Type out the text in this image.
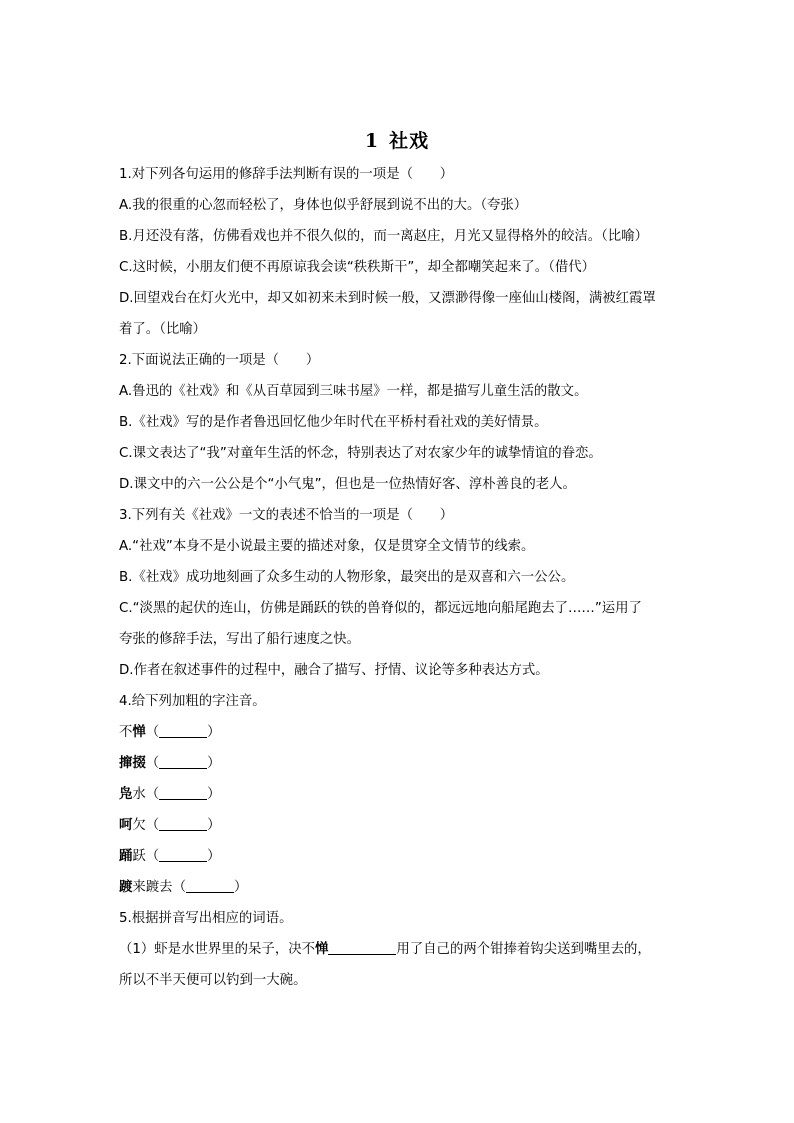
1 社戏
1.对下列各句运用的修辞手法判断有误的一项是（　　）
A.我的很重的心忽而轻松了，身体也似乎舒展到说不出的大。（夸张）
B.月还没有落，仿佛看戏也并不很久似的，而一离赵庄，月光又显得格外的皎洁。（比喻）
C.这时候，小朋友们便不再原谅我会读“秩秩斯干”，却全都嘲笑起来了。（借代）
D.回望戏台在灯火光中，却又如初来未到时候一般，又漂渺得像一座仙山楼阁，满被红霞罩
着了。（比喻）
2.下面说法正确的一项是（　　）
A.鲁迅的《社戏》和《从百草园到三味书屋》一样，都是描写儿童生活的散文。
B.《社戏》写的是作者鲁迅回忆他少年时代在平桥村看社戏的美好情景。
C.课文表达了“我”对童年生活的怀念，特别表达了对农家少年的诚挚情谊的眷恋。
D.课文中的六一公公是个“小气鬼”，但也是一位热情好客、淳朴善良的老人。
3.下列有关《社戏》一文的表述不恰当的一项是（　　）
A.“社戏”本身不是小说最主要的描述对象，仅是贯穿全文情节的线索。
B.《社戏》成功地刻画了众多生动的人物形象，最突出的是双喜和六一公公。
C.“淡黑的起伏的连山，仿佛是踊跃的铁的兽脊似的，都远远地向船尾跑去了……”运用了
夸张的修辞手法，写出了船行速度之快。
D.作者在叙述事件的过程中，融合了描写、抒情、议论等多种表达方式。
4.给下列加粗的字注音。
不惮（	）
撺掇（	）
凫水（	）
呵欠（	）
踊跃（	）
踱来踱去（	）
5.根据拼音写出相应的词语。
（1）虾是水世界里的呆子，决不惮	用了自己的两个钳捧着钩尖送到嘴里去的，
所以不半天便可以钓到一大碗。
